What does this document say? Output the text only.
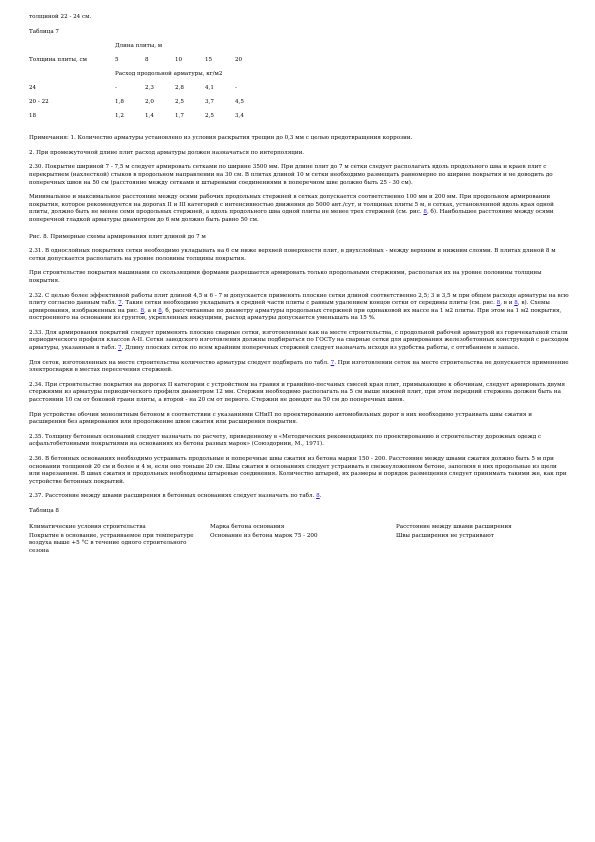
толщиной 22 - 24 см.

Таблица 7

Длина плиты, м
Толщина плиты, см	5	8	10	15	20
Расход продольной арматуры, кг/м2
24	-	2,3	2,8	4,1	-
20 - 22	1,8	2,0	2,5	3,7	4,5
18	1,2	1,4	1,7	2,5	3,4

Примечания: 1. Количество арматуры установлено из условия раскрытия трещин до 0,3 мм с целью предотвращения коррозии.

2. При промежуточной длине плит расход арматуры должен назначаться по интерполяции.

2.30. Покрытие шириной 7 - 7,5 м следует армировать сетками по ширине 3500 мм. При длине плит до 7 м сетки следует располагать вдоль продольного шва и краев плит с перекрытием (нахлесткой) стыков в продольном направлении на 30 см. В плитах длиной 10 м сетки необходимо размещать равномерно по ширине покрытия и не доводить до поперечных швов на 50 см (расстояние между сетками и штыревыми соединениями в поперечном шве должно быть 25 - 30 см).

Минимальное и максимальное расстояние между осями рабочих продольных стержней в сетках допускается соответственно 100 мм и 200 мм. При продольном армировании покрытия, которое рекомендуется на дорогах II и III категорий с интенсивностью движения до 5000 авт./сут, и толщинах плиты 5 м, в сетках, установленной вдоль края одной плиты, должно быть не менее семи продольных стержней, а вдоль продольного шва одной плиты не менее трех стержней (см. рис. 8, б). Наибольшее расстояние между осями поперечной гладкой арматуры диаметром до 6 мм должно быть равно 50 см.

Рис. 8. Примерные схемы армирования плит длиной до 7 м

2.31. В однослойных покрытиях сетки необходимо укладывать на 6 см ниже верхней поверхности плит, в двухслойных - между верхним и нижним слоями. В плитах длиной 8 м сетки допускается располагать на уровне половины толщины покрытия.

При строительстве покрытия машинами со скользящими формами разрешается армировать только продольными стержнями, располагая их на уровне половины толщины покрытия.

2.32. С целью более эффективной работы плит длиной 4,5 и 6 - 7 м допускается применять плоские сетки длиной соответственно 2,5; 3 и 3,5 м при общем расходе арматуры на всю плиту согласно данным табл. 7. Такие сетки необходимо укладывать в средней части плиты с равным удалением концов сетки от середины плиты (см. рис. 8, в и 8, в). Схемы армирования, изображенных на рис. 8, а и 8, б, рассчитанные по диаметру арматуры продольных стержней при одинаковой их массе на 1 м2 плиты. При этом на 1 м2 покрытия, построенного на основании из грунтов, укрепленных вяжущими, расход арматуры допускается уменьшать на 15 %.

2.33. Для армирования покрытий следует применять плоские сварные сетки, изготовленные как на месте строительства, с продольной рабочей арматурой из горячекатаной стали периодического профиля классов А-II. Сетки заводского изготовления должны подбираться по ГОСТу на сварные сетки для армирования железобетонных конструкций с расходом арматуры, указанным в табл. 7. Длину плоских сеток по всем крайним поперечных стержней следует назначать исходя из удобства работы, с отгибанием в запасе.

Для сеток, изготовленных на месте строительства количество арматуры следует подбирать по табл. 7. При изготовлении сеток на месте строительства не допускается применение электросварки в местах пересечения стержней.

2.34. При строительстве покрытия на дорогах II категории с устройством на гравия и гравийно-песчаных смесей края плит, примыкающие к обочинам, следует армировать двумя стержнями из арматуры периодического профиля диаметром 12 мм. Стержни необходимо располагать на 5 см выше нижней плит, при этом передний стержень должен быть на расстоянии 10 см от боковой грани плиты, а второй - на 20 см от первого. Стержни не доводят на 50 см до поперечных швов.

При устройстве обочин монолитным бетоном в соответствии с указаниями СНиП по проектированию автомобильных дорог в них необходимо устраивать швы сжатия и расширения без армирования или продолжение швов сжатия или расширения покрытия.

2.35. Толщину бетонных оснований следует назначать по расчету, приведенному в «Методических рекомендациях по проектированию и строительству дорожных одежд с асфальтобетонными покрытиями на основаниях из бетона разных марок» (Союздорнии, М., 1971).

2.36. В бетонных основаниях необходимо устраивать продольные и поперечные швы сжатия из бетона марки 150 - 200. Расстояние между швами сжатия должно быть 5 м при основании толщиной 20 см и более и 4 м, если оно тоньше 20 см. Швы сжатия в основаниях следует устраивать в свежеуложенном бетоне, заполняя в них продольные из щели или нарезанием. В швах сжатия и продольных необходимы штыревые соединения. Количество штырей, их размеры и порядок размещения следует принимать такими же, как при устройстве бетонных покрытий.

2.37. Расстояние между швами расширения в бетонных основаниях следует назначать по табл. 8.

Таблица 8

Климатические условия строительства	Марка бетона основания	Расстояние между швами расширения
Покрытие в основание, устраиваемое при температуре воздуха выше +5 °С в течение одного строительного сезона	Основание из бетона марок 75 - 200	Швы расширения не устраивают
